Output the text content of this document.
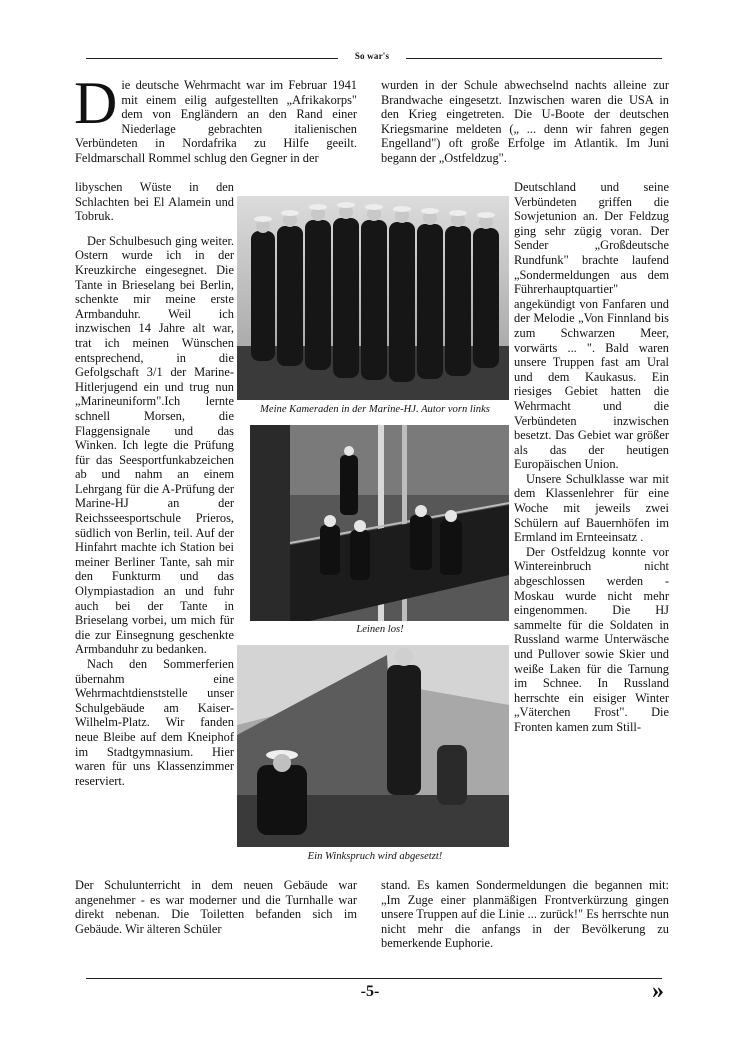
So war's

Die deutsche Wehrmacht war im Februar 1941 mit einem eilig aufgestellten „Afrikakorps" dem von Engländern an den Rand einer Niederlage gebrachten italienischen Verbündeten in Nordafrika zu Hilfe geeilt. Feldmarschall Rommel schlug den Gegner in der

libyschen Wüste in den Schlachten bei El Alamein und Tobruk.

Der Schulbesuch ging weiter. Ostern wurde ich in der Kreuzkirche eingesegnet. Die Tante in Brieselang bei Berlin, schenkte mir meine erste Armbanduhr. Weil ich inzwischen 14 Jahre alt war, trat ich meinen Wünschen entsprechend, in die Gefolgschaft 3/1 der Marine-Hitlerjugend ein und trug nun „Marineuniform".Ich lernte schnell Morsen, die Flaggensignale und das Winken. Ich legte die Prüfung für das Seesportfunkabzeichen ab und nahm an einem Lehrgang für die A-Prüfung der Marine-HJ an der Reichsseesportschule Prieros, südlich von Berlin, teil. Auf der Hinfahrt machte ich Station bei meiner Berliner Tante, sah mir den Funkturm und das Olympiastadion an und fuhr auch bei der Tante in Brieselang vorbei, um mich für die zur Einsegnung geschenkte Armbanduhr zu bedanken.

Nach den Sommerferien übernahm eine Wehrmachtdienststelle unser Schulgebäude am Kaiser-Wilhelm-Platz. Wir fanden neue Bleibe auf dem Kneiphof im Stadtgymnasium. Hier waren für uns Klassenzimmer reserviert.

Der Schulunterricht in dem neuen Gebäude war angenehmer - es war moderner und die Turnhalle war direkt nebenan. Die Toiletten befanden sich im Gebäude. Wir älteren Schüler

wurden in der Schule abwechselnd nachts alleine zur Brandwache eingesetzt. Inzwischen waren die USA in den Krieg eingetreten. Die U-Boote der deutschen Kriegsmarine meldeten („ ... denn wir fahren gegen Engelland") oft große Erfolge im Atlantik. Im Juni begann der „Ostfeldzug".

Deutschland und seine Verbündeten griffen die Sowjetunion an. Der Feldzug ging sehr zügig voran. Der Sender „Großdeutsche Rundfunk" brachte laufend „Sondermeldungen aus dem Führerhauptquartier" angekündigt von Fanfaren und der Melodie „Von Finnland bis zum Schwarzen Meer, vorwärts ... ". Bald waren unsere Truppen fast am Ural und dem Kaukasus. Ein riesiges Gebiet hatten die Wehrmacht und die Verbündeten inzwischen besetzt. Das Gebiet war größer als das der heutigen Europäischen Union.

Unsere Schulklasse war mit dem Klassenlehrer für eine Woche mit jeweils zwei Schülern auf Bauernhöfen im Ermland im Ernteeinsatz .

Der Ostfeldzug konnte vor Wintereinbruch nicht abgeschlossen werden - Moskau wurde nicht mehr eingenommen. Die HJ sammelte für die Soldaten in Russland warme Unterwäsche und Pullover sowie Skier und weiße Laken für die Tarnung im Schnee. In Russland herrschte ein eisiger Winter „Väterchen Frost". Die Fronten kamen zum Still-

stand. Es kamen Sondermeldungen die begannen mit: „Im Zuge einer planmäßigen Frontverkürzung gingen unsere Truppen auf die Linie ... zurück!" Es herrschte nun nicht mehr die anfangs in der Bevölkerung zu bemerkende Euphorie.

Meine Kameraden in der Marine-HJ. Autor vorn links
Leinen los!
Ein Winkspruch wird abgesetzt!
-5-	»
